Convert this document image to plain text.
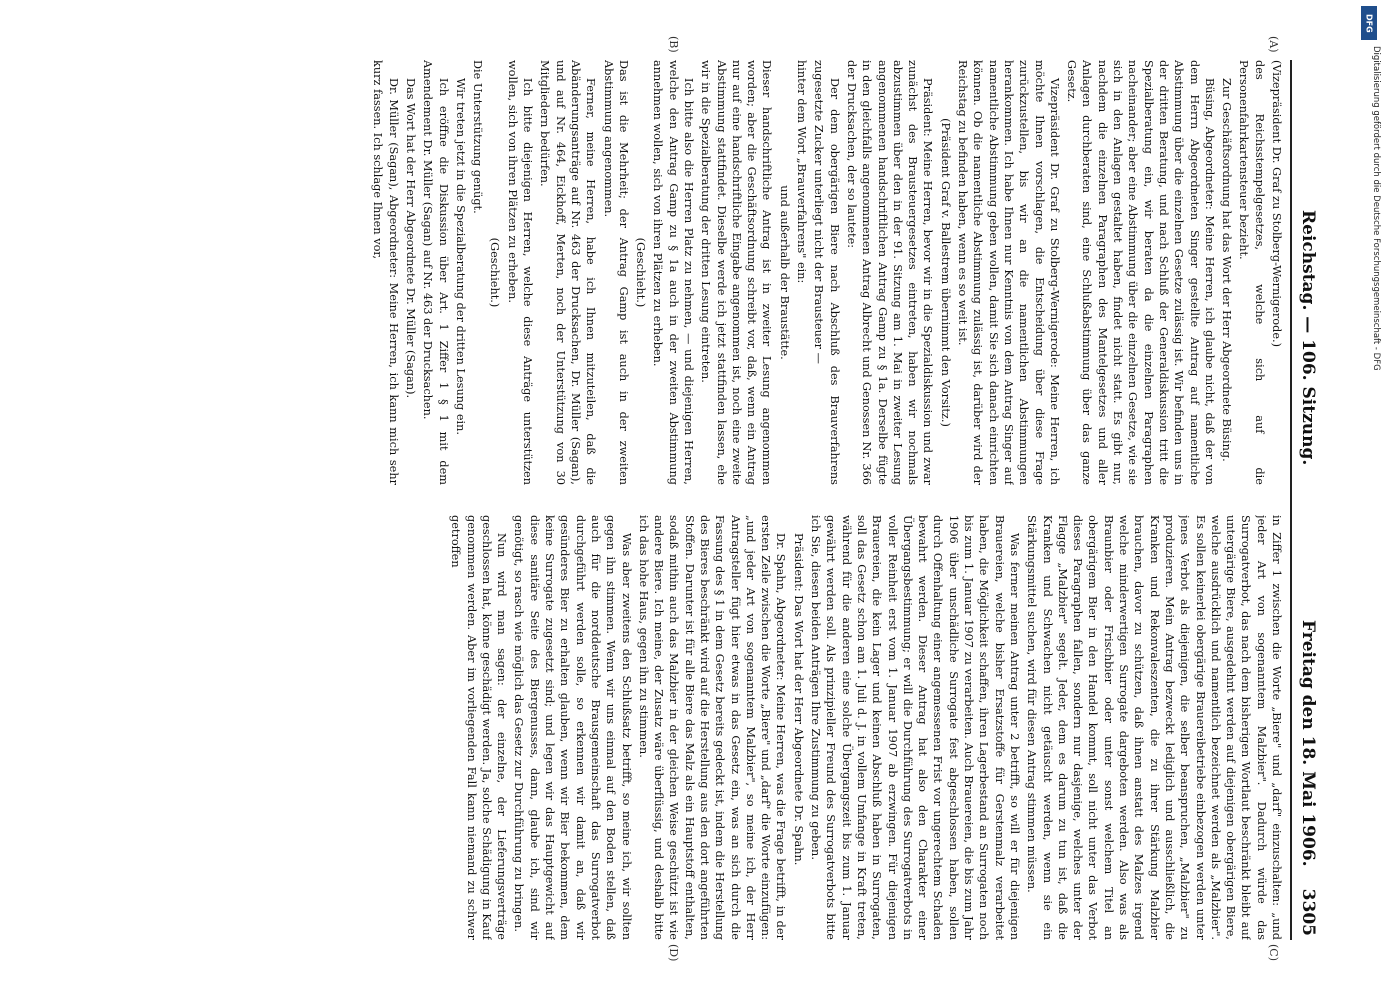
Reichstag. — 106. Sitzung.
Freitag den 18. Mai 1906.
3305

(Vizepräsident Dr. Graf zu Stolberg-Wernigerode.)

des Reichsstempelgesetzes, welche sich auf die Personenfahrkartensteuer bezieht.

Zur Geschäftsordnung hat das Wort der Herr Abgeordnete Büsing.

Büsing, Abgeordneter: Meine Herren, ich glaube nicht, daß der von dem Herrn Abgeordneten Singer gestellte Antrag auf namentliche Abstimmung über die einzelnen Gesetze zulässig ist. Wir befinden uns in der dritten Beratung, und nach Schluß der Generaldiskussion tritt die Spezialberatung ein, wir beraten da die einzelnen Paragraphen nacheinander; aber eine Abstimmung über die einzelnen Gesetze, wie sie sich in den Anlagen gestaltet haben, findet nicht statt. Es gibt nur, nachdem die einzelnen Paragraphen des Mantelgesetzes und aller Anlagen durchberaten sind, eine Schlußabstimmung über das ganze Gesetz.

Vizepräsident Dr. Graf zu Stolberg-Wernigerode: Meine Herren, ich möchte Ihnen vorschlagen, die Entscheidung über diese Frage zurückzustellen, bis wir an die namentlichen Abstimmungen herankommen. Ich habe Ihnen nur Kenntnis von dem Antrag Singer auf namentliche Abstimmung geben wollen, damit Sie sich danach einrichten können. Ob die namentliche Abstimmung zulässig ist, darüber wird der Reichstag zu befinden haben, wenn es so weit ist.

(Präsident Graf v. Ballestrem übernimmt den Vorsitz.)

Präsident: Meine Herren, bevor wir in die Spezialdiskussion und zwar zunächst des Brausteuergesetzes eintreten, haben wir nochmals abzustimmen über den in der 91. Sitzung am 1. Mai in zweiter Lesung angenommenen handschriftlichen Antrag Gamp zu § 1a. Derselbe fügte in den gleichfalls angenommenen Antrag Albrecht und Genossen Nr. 366 der Drucksachen, der so lautete:

Der dem obergärigen Biere nach Abschluß des Brauverfahrens zugesetzte Zucker unterliegt nicht der Brausteuer —

hinter dem Wort „Brauverfahrens" ein:

und außerhalb der Braustätte.

Dieser handschriftliche Antrag ist in zweiter Lesung angenommen worden; aber die Geschäftsordnung schreibt vor, daß, wenn ein Antrag nur auf eine handschriftliche Eingabe angenommen ist, noch eine zweite Abstimmung stattfindet. Dieselbe werde ich jetzt stattfinden lassen, ehe wir in die Spezialberatung der dritten Lesung eintreten.

Ich bitte also die Herren Platz zu nehmen, — und diejenigen Herren, welche den Antrag Gamp zu § 1a auch in der zweiten Abstimmung annehmen wollen, sich von ihren Plätzen zu erheben.

(Geschieht.)

Das ist die Mehrheit; der Antrag Gamp ist auch in der zweiten Abstimmung angenommen.

Ferner, meine Herren, habe ich Ihnen mitzuteilen, daß die Abänderungsanträge auf Nr. 463 der Drucksachen, Dr. Müller (Sagan), und auf Nr. 464, Eickhoff, Merten, noch der Unterstützung von 30 Mitgliedern bedürfen.

Ich bitte diejenigen Herren, welche diese Anträge unterstützen wollen, sich von ihren Plätzen zu erheben.

(Geschieht.)

Die Unterstützung genügt.

Wir treten jetzt in die Spezialberatung der dritten Lesung ein.

Ich eröffne die Diskussion über Art. 1 Ziffer 1 § 1 mit dem Amendement Dr. Müller (Sagan) auf Nr. 463 der Drucksachen.

Das Wort hat der Herr Abgeordnete Dr. Müller (Sagan).

Dr. Müller (Sagan), Abgeordneter: Meine Herren, ich kann mich sehr kurz fassen. Ich schlage Ihnen vor,

in Ziffer 1 zwischen die Worte „Biere" und „darf" einzuschalten: „und jeder Art von sogenanntem Malzbier". Dadurch würde das Surrogatverbot, das nach dem bisherigen Wortlaut beschränkt bleibt auf untergärige Biere, ausgedehnt werden auf diejenigen obergärigen Biere, welche ausdrücklich und namentlich bezeichnet werden als „Malzbier". Es sollen keinerlei obergärige Brauereibetriebe einbezogen werden unter jenes Verbot als diejenigen, die selber beanspruchen, „Malzbier" zu produzieren. Mein Antrag bezweckt lediglich und ausschließlich, die Kranken und Rekonvaleszenten, die zu ihrer Stärkung Malzbier brauchen, davor zu schützen, daß ihnen anstatt des Malzes irgend welche minderwertigen Surrogate dargeboten werden. Also was als Braunbier oder Frischbier oder unter sonst welchem Titel an obergärigem Bier in den Handel kommt, soll nicht unter das Verbot dieses Paragraphen fallen, sondern nur dasjenige, welches unter der Flagge „Malzbier" segelt. Jeder, dem es darum zu tun ist, daß die Kranken und Schwachen nicht getäuscht werden, wenn sie ein Stärkungsmittel suchen, wird für diesen Antrag stimmen müssen.

Was ferner meinen Antrag unter 2 betrifft, so will er für diejenigen Brauereien, welche bisher Ersatzstoffe für Gerstenmalz verarbeitet haben, die Möglichkeit schaffen, ihren Lagerbestand an Surrogaten noch bis zum 1. Januar 1907 zu verarbeiten. Auch Brauereien, die bis zum Jahr 1906 über unschädliche Surrogate fest abgeschlossen haben, sollen durch Offenhaltung einer angemessenen Frist vor ungerechtem Schaden bewahrt werden. Dieser Antrag hat also den Charakter einer Übergangsbestimmung; er will die Durchführung des Surrogatverbots in voller Reinheit erst vom 1. Januar 1907 ab erzwingen. Für diejenigen Brauereien, die kein Lager und keinen Abschluß haben in Surrogaten, soll das Gesetz schon am 1. Juli d. J. in vollem Umfange in Kraft treten, während für die anderen eine solche Übergangszeit bis zum 1. Januar gewährt werden soll. Als prinzipieller Freund des Surrogatverbots bitte ich Sie, diesen beiden Anträgen Ihre Zustimmung zu geben.

Präsident: Das Wort hat der Herr Abgeordnete Dr. Spahn.

Dr. Spahn, Abgeordneter: Meine Herren, was die Frage betrifft, in der ersten Zeile zwischen die Worte „Biere" und „darf" die Worte einzufügen: „und jeder Art von sogenanntem Malzbier", so meine ich, der Herr Antragsteller fügt hier etwas in das Gesetz ein, was an sich durch die Fassung des § 1 in dem Gesetz bereits gedeckt ist, indem die Herstellung des Bieres beschränkt wird auf die Herstellung aus den dort angeführten Stoffen. Darunter ist für alle Biere das Malz als ein Hauptstoff enthalten, sodaß mithin auch das Malzbier in der gleichen Weise geschützt ist wie andere Biere. Ich meine, der Zusatz wäre überflüssig, und deshalb bitte ich das hohe Haus, gegen ihn zu stimmen.

Was aber zweitens den Schlußsatz betrifft, so meine ich, wir sollten gegen ihn stimmen. Wenn wir uns einmal auf den Boden stellen, daß auch für die norddeutsche Brausgemeinschaft das Surrogatverbot durchgeführt werden solle, so erkennen wir damit an, daß wir gesünderes Bier zu erhalten glauben, wenn wir Bier bekommen, dem keine Surrogate zugesetzt sind; und legen wir das Hauptgewicht auf diese sanitäre Seite des Biergenusses, dann, glaube ich, sind wir genötigt, so rasch wie möglich das Gesetz zur Durchführung zu bringen.

Nun wird man sagen: der einzelne, der Lieferungsverträge geschlossen hat, könne geschädigt werden. Ja, solche Schädigung in Kauf genommen werden. Aber im vorliegenden Fall kann niemand zu schwer getroffen

(A)
(B)
(C)
(D)
DFG
Digitalisierung gefördert durch die Deutsche Forschungsgemeinschaft - DFG
